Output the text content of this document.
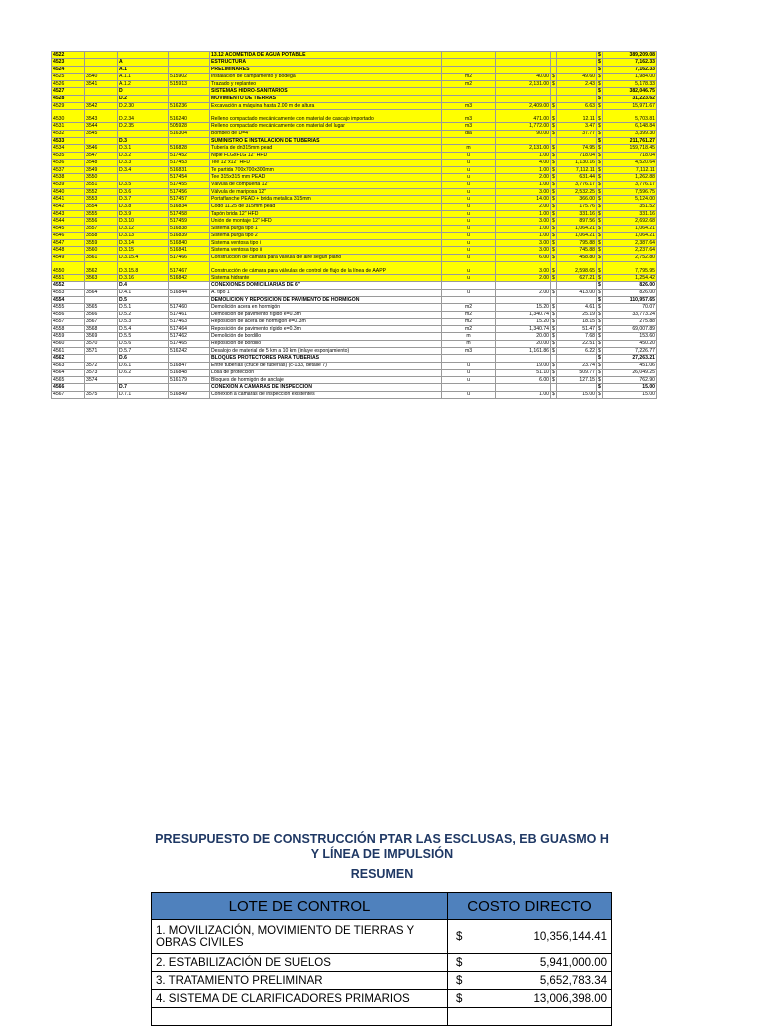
4522				13.12 ACOMETIDA DE AGUA POTABLE					$	389,209.08
4523		A		ESTRUCTURA					$	7,162.33
4524		A.1		PRELIMINARES					$	7,162.33
4525	3540	A.1.1	515902	Instalación de campamento y bodega	m2	40.00	$	49.60	$	1,984.00
4526	3541	A.1.2	515913	Trazado y replanteo	m2	2,131.00	$	2.43	$	5,178.33
4527		D		SISTEMAS HIDRO-SANITARIOS					$	382,046.75
4528		D.2		MOVIMIENTO DE TIERRAS					$	31,223.62
4529	3542	D.2.30	516236	Excavación a máquina hasta 2.00 m de altura	m3	2,409.00	$	6.63	$	15,971.67
4530	3543	D.2.34	516240	Relleno compactado mecánicamente con material de cascajo importado	m3	471.00	$	12.11	$	5,703.81
4531	3544	D.2.35	505928	Relleno compactado mecánicamente con material del lugar	m3	1,772.00	$	3.47	$	6,148.84
4532	3545		516304	Bombeo de D=4"	dia	90.00	$	37.77	$	3,399.30
4533		D.3		SUMINISTRO E INSTALACIÓN DE TUBERÍAS					$	211,761.27
4534	3546	D.3.1	516828	Tubería de dn315mm pead	m	2,131.00	$	74.95	$	159,718.45
4535	3547	D.3.2	517452	Niple FLGxFLG 12" HFD	u	1.00	$	718.04	$	718.04
4536	3548	D.3.3	517453	Tee 12"x12" HFD	u	4.00	$	1,130.16	$	4,520.64
4537	3549	D.3.4	516831	Te partida 700x700x300mm	u	1.00	$	7,112.11	$	7,112.11
4538	3550		517454	Tee 315x315 mm PEAD	u	2.00	$	631.44	$	1,262.88
4539	3551	D.3.5	517455	Válvula de compuerta 12"	u	1.00	$	3,776.17	$	3,776.17
4540	3552	D.3.6	517456	Válvula de mariposa 12"	u	3.00	$	2,532.25	$	7,596.75
4541	3553	D.3.7	517457	Portaflanche PEAD + brida metalica 315mm	u	14.00	$	366.00	$	5,124.00
4542	3554	D.3.8	516834	Codo 11.25 de 315mm pead	u	2.00	$	175.76	$	351.52
4543	3555	D.3.9	517458	Tapón brida 12" HFD	u	1.00	$	331.16	$	331.16
4544	3556	D.3.10	517459	Unión de montaje 12" HFD	u	3.00	$	897.56	$	2,692.68
4545	3557	D.3.12	516838	Sistema purga tipo 1	u	1.00	$	1,064.21	$	1,064.21
4546	3558	D.3.13	516839	Sistema purga tipo 2	u	1.00	$	1,064.21	$	1,064.21
4547	3559	D.3.14	516840	Sistema ventosa tipo i	u	3.00	$	795.88	$	2,387.64
4548	3560	D.3.15	516841	Sistema ventosa tipo ii	u	3.00	$	745.88	$	2,237.64
4549	3561	D.3.15.4	517466	Construcción de cámara para válvula de aire según plano	u	6.00	$	458.80	$	2,752.80
4550	3562	D.3.15.8	517467	Construcción de cámara para válvulas de control de flujo de la línea de AAPP	u	3.00	$	2,598.65	$	7,795.95
4551	3563	D.3.16	516842	Sistema hidrante	u	2.00	$	627.21	$	1,254.42
4552		D.4		CONEXIONES DOMICILIARIAS DE 6"					$	826.00
4553	3564	D.4.1	516844	A. tipo 1	u	2.00	$	413.00	$	826.00
4554		D.5		DEMOLICIÓN Y REPOSICIÓN DE PAVIMENTO DE HORMIGÓN					$	110,957.65
4555	3565	D.5.1	517460	Demolición acera en hormigón	m2	15.20	$	4.61	$	70.07
4556	3566	D.5.2	517461	Demolición de pavimento rígido e=0.3m	m2	1,340.74	$	25.19	$	33,773.24
4557	3567	D.5.3	517463	Reposición de acera de hormigón e=0.3m	m2	15.20	$	18.15	$	275.88
4558	3568	D.5.4	517464	Reposición de pavimento rígido e=0.3m	m2	1,340.74	$	51.47	$	69,007.89
4559	3569	D.5.5	517462	Demolición de bordillo	m	20.00	$	7.68	$	153.60
4560	3570	D.5.6	517465	Reposición de bordillo	m	20.00	$	22.51	$	450.20
4561	3571	D.5.7	516242	Desalojo de material de 5 km a 10 km (inluye esponjamiento)	m3	1,161.86	$	6.22	$	7,226.77
4562		D.6		BLOQUES PROTECTORES PARA TUBERÍAS					$	27,263.21
4563	3572	D.6.1	516847	Entre tuberías (cruce de tuberías) (c-133, detalle 7)	u	19.00	$	23.74	$	451.06
4564	3573	D.6.2	516848	Losa de protección	u	51.10	$	509.77	$	26,049.25
4565	3574		516179	Bloques de hormigón de anclaje	u	6.00	$	127.15	$	762.90
4566		D.7		CONEXIÓN A CÁMARAS DE INSPECCIÓN					$	15.00
4567	3575	D.7.1	516849	Conexión a cámaras de inspección existentes	u	1.00	$	15.00	$	15.00
PRESUPUESTO DE CONSTRUCCIÓN PTAR LAS ESCLUSAS, EB GUASMO H Y LÍNEA DE IMPULSIÓN
RESUMEN
LOTE DE CONTROL	COSTO DIRECTO	
1. MOVILIZACIÓN, MOVIMIENTO DE TIERRAS Y OBRAS CIVILES	$	10,356,144.41
2. ESTABILIZACIÓN DE SUELOS	$	5,941,000.00
3. TRATAMIENTO PRELIMINAR	$	5,652,783.34
4. SISTEMA DE CLARIFICADORES PRIMARIOS	$	13,006,398.00
